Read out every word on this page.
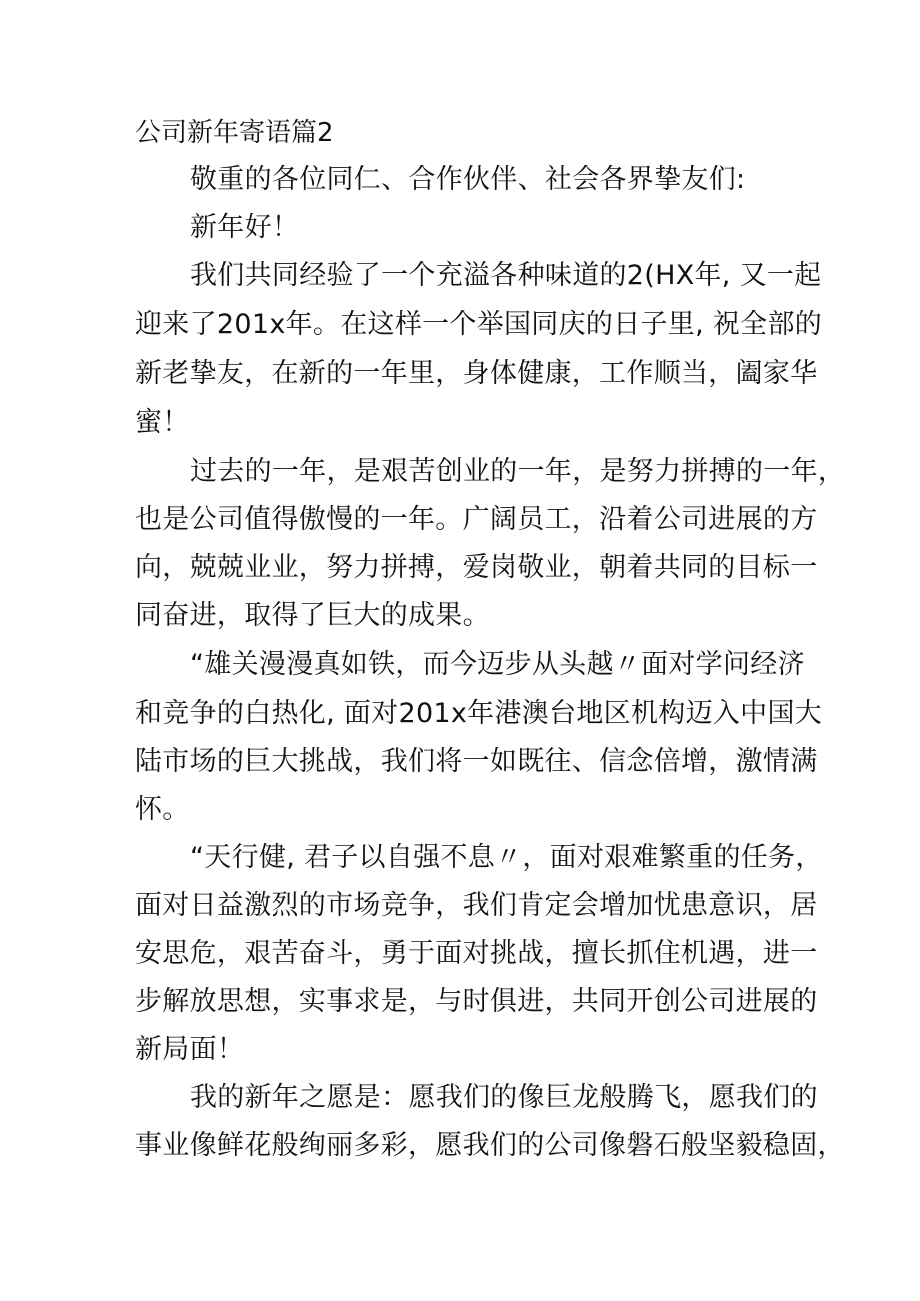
公司新年寄语篇2
敬重的各位同仁、合作伙伴、社会各界挚友们:
新年好！
我们共同经验了一个充溢各种味道的2(HX年, 又一起
迎来了201x年。在这样一个举国同庆的日子里, 祝全部的
新老挚友，在新的一年里，身体健康，工作顺当，阖家华
蜜！
过去的一年，是艰苦创业的一年，是努力拼搏的一年，
也是公司值得傲慢的一年。广阔员工，沿着公司进展的方
向，兢兢业业，努力拼搏，爱岗敬业，朝着共同的目标一
同奋进，取得了巨大的成果。
“雄关漫漫真如铁，而今迈步从头越〃面对学问经济
和竞争的白热化, 面对201x年港澳台地区机构迈入中国大
陆市场的巨大挑战，我们将一如既往、信念倍增，激情满
怀。
“天行健, 君子以自强不息〃，面对艰难繁重的任务，
面对日益激烈的市场竞争，我们肯定会增加忧患意识，居
安思危，艰苦奋斗，勇于面对挑战，擅长抓住机遇，进一
步解放思想，实事求是，与时俱进，共同开创公司进展的
新局面！
我的新年之愿是：愿我们的像巨龙般腾飞，愿我们的
事业像鲜花般绚丽多彩，愿我们的公司像磐石般坚毅稳固，
